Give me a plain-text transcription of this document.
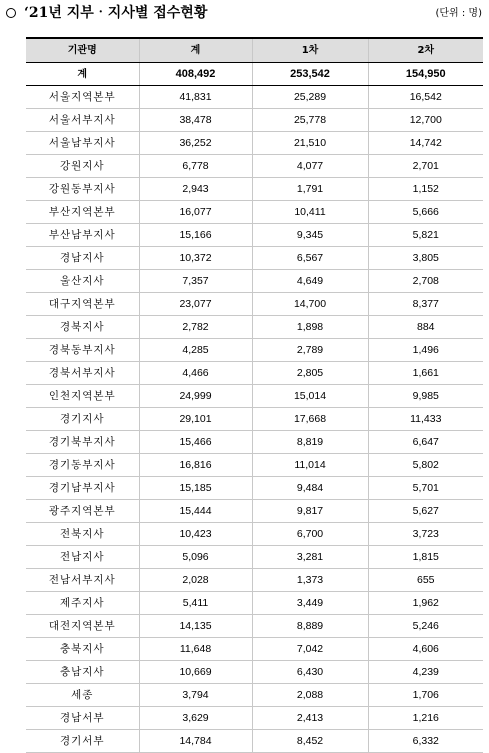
‘21년 지부‧지사별 접수현황	(단위 : 명)
기관명	계	1차	2차
계	408,492	253,542	154,950
서울지역본부	41,831	25,289	16,542
서울서부지사	38,478	25,778	12,700
서울남부지사	36,252	21,510	14,742
강원지사	6,778	4,077	2,701
강원동부지사	2,943	1,791	1,152
부산지역본부	16,077	10,411	5,666
부산남부지사	15,166	9,345	5,821
경남지사	10,372	6,567	3,805
울산지사	7,357	4,649	2,708
대구지역본부	23,077	14,700	8,377
경북지사	2,782	1,898	884
경북동부지사	4,285	2,789	1,496
경북서부지사	4,466	2,805	1,661
인천지역본부	24,999	15,014	9,985
경기지사	29,101	17,668	11,433
경기북부지사	15,466	8,819	6,647
경기동부지사	16,816	11,014	5,802
경기남부지사	15,185	9,484	5,701
광주지역본부	15,444	9,817	5,627
전북지사	10,423	6,700	3,723
전남지사	5,096	3,281	1,815
전남서부지사	2,028	1,373	655
제주지사	5,411	3,449	1,962
대전지역본부	14,135	8,889	5,246
충북지사	11,648	7,042	4,606
충남지사	10,669	6,430	4,239
세종	3,794	2,088	1,706
경남서부	3,629	2,413	1,216
경기서부	14,784	8,452	6,332
